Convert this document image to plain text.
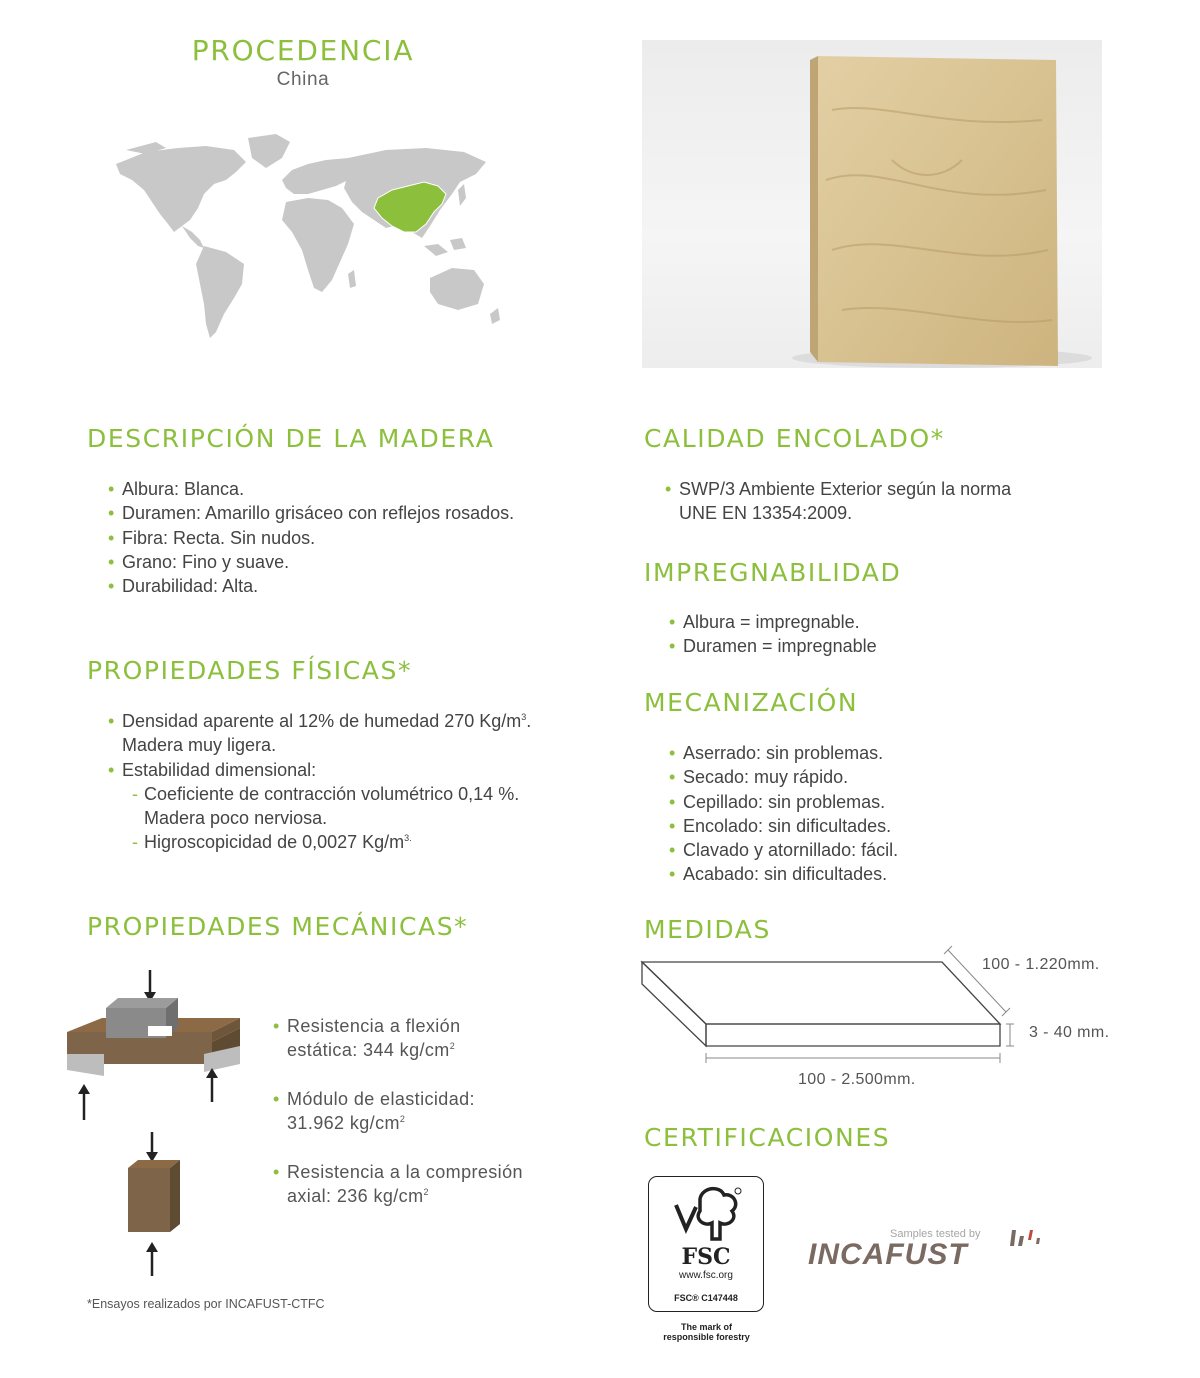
PROCEDENCIA
China
DESCRIPCIÓN DE LA MADERA
• Albura: Blanca.
• Duramen: Amarillo grisáceo con reflejos rosados.
• Fibra: Recta. Sin nudos.
• Grano: Fino y suave.
• Durabilidad: Alta.
PROPIEDADES FÍSICAS*
• Densidad aparente al 12% de humedad 270 $Kg/m^3$.
Madera muy ligera.
• Estabilidad dimensional:
- Coeficiente de contracción volumétrico 0,14 %.
Madera poco nerviosa.
- Higroscopicidad de 0,0027 $Kg/m^{3.}$
PROPIEDADES MECÁNICAS*
• Resistencia a flexión
estática: 344 $kg/cm^2$
• Módulo de elasticidad:
31.962 $kg/cm^2$
• Resistencia a la compresión
axial: 236 $kg/cm^2$
*Ensayos realizados por INCAFUST-CTFC
CALIDAD ENCOLADO*
• SWP/3 Ambiente Exterior según la norma
UNE EN 13354:2009.
IMPREGNABILIDAD
• Albura = impregnable.
• Duramen = impregnable
MECANIZACIÓN
• Aserrado: sin problemas.
• Secado: muy rápido.
• Cepillado: sin problemas.
• Encolado: sin dificultades.
• Clavado y atornillado: fácil.
• Acabado: sin dificultades.
MEDIDAS
100 - 1.220mm.
3 - 40 mm.
100 - 2.500mm.
CERTIFICACIONES
FSC
www.fsc.org
FSC® C147448
The mark of
responsible forestry
Samples tested by
INCAFUST
